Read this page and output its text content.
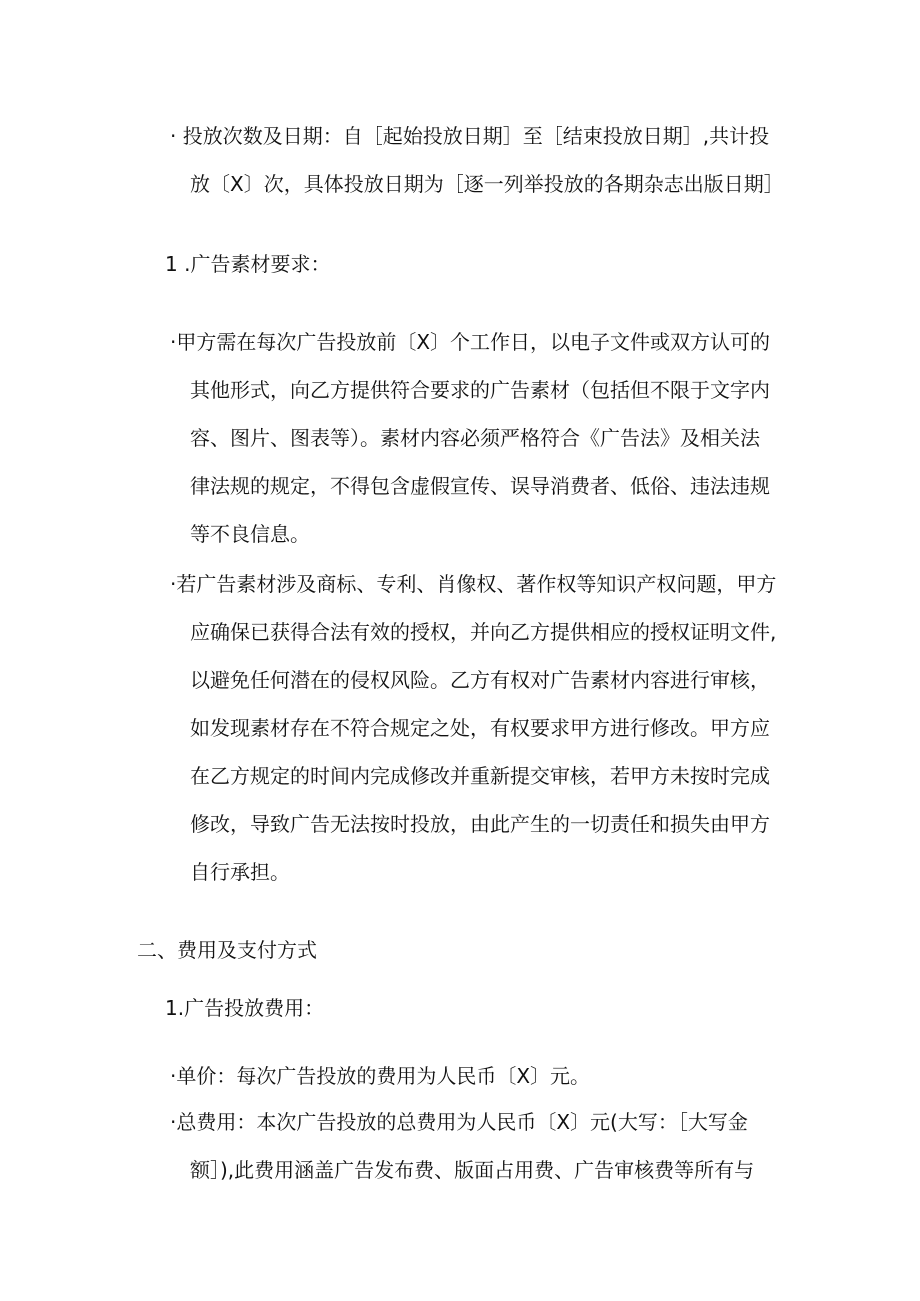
· 投放次数及日期：自［起始投放日期］至［结束投放日期］,共计投
放〔X〕次，具体投放日期为［逐一列举投放的各期杂志出版日期］
1 .广告素材要求：
·甲方需在每次广告投放前〔X〕个工作日，以电子文件或双方认可的
其他形式，向乙方提供符合要求的广告素材（包括但不限于文字内
容、图片、图表等）。素材内容必须严格符合《广告法》及相关法
律法规的规定，不得包含虚假宣传、误导消费者、低俗、违法违规
等不良信息。
·若广告素材涉及商标、专利、肖像权、著作权等知识产权问题，甲方
应确保已获得合法有效的授权，并向乙方提供相应的授权证明文件,
以避免任何潜在的侵权风险。乙方有权对广告素材内容进行审核，
如发现素材存在不符合规定之处，有权要求甲方进行修改。甲方应
在乙方规定的时间内完成修改并重新提交审核，若甲方未按时完成
修改，导致广告无法按时投放，由此产生的一切责任和损失由甲方
自行承担。
二、费用及支付方式
1.广告投放费用：
·单价：每次广告投放的费用为人民币〔X〕元。
·总费用：本次广告投放的总费用为人民币〔X〕元(大写：［大写金
额］),此费用涵盖广告发布费、版面占用费、广告审核费等所有与
